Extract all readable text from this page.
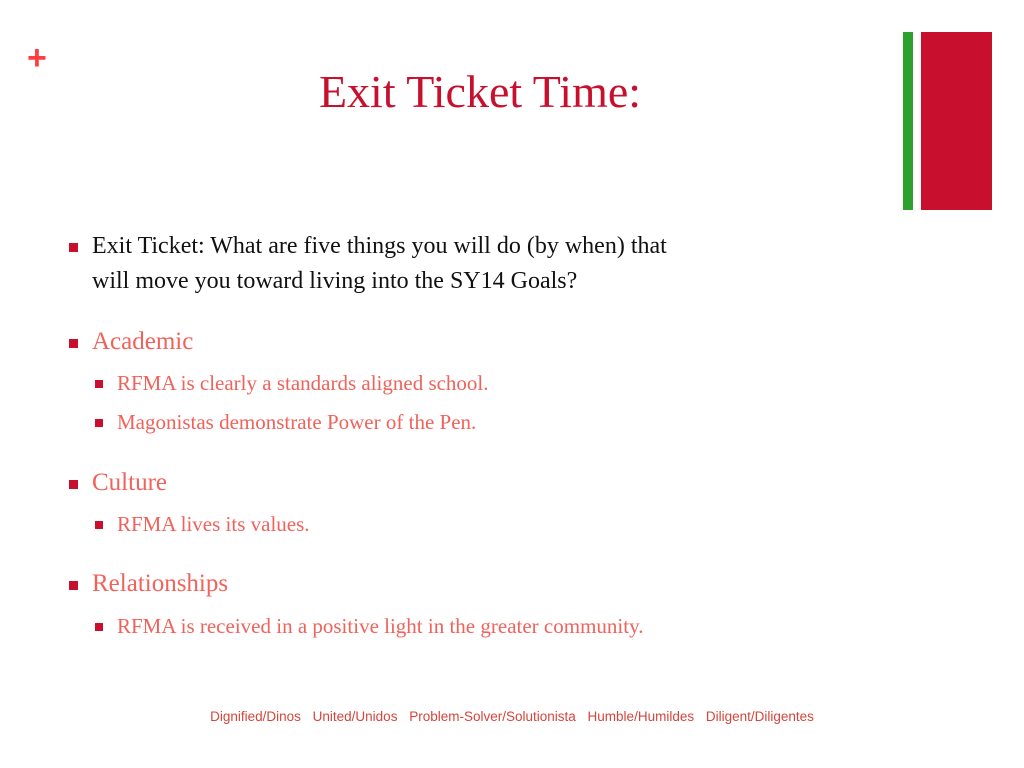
+
Exit Ticket Time:
Exit Ticket: What are five things you will do (by when) that
will move you toward living into the SY14 Goals?
Academic
RFMA is clearly a standards aligned school.
Magonistas demonstrate Power of the Pen.
Culture
RFMA lives its values.
Relationships
RFMA is received in a positive light in the greater community.
Dignified/Dinos United/Unidos Problem-Solver/Solutionista Humble/Humildes Diligent/Diligentes
